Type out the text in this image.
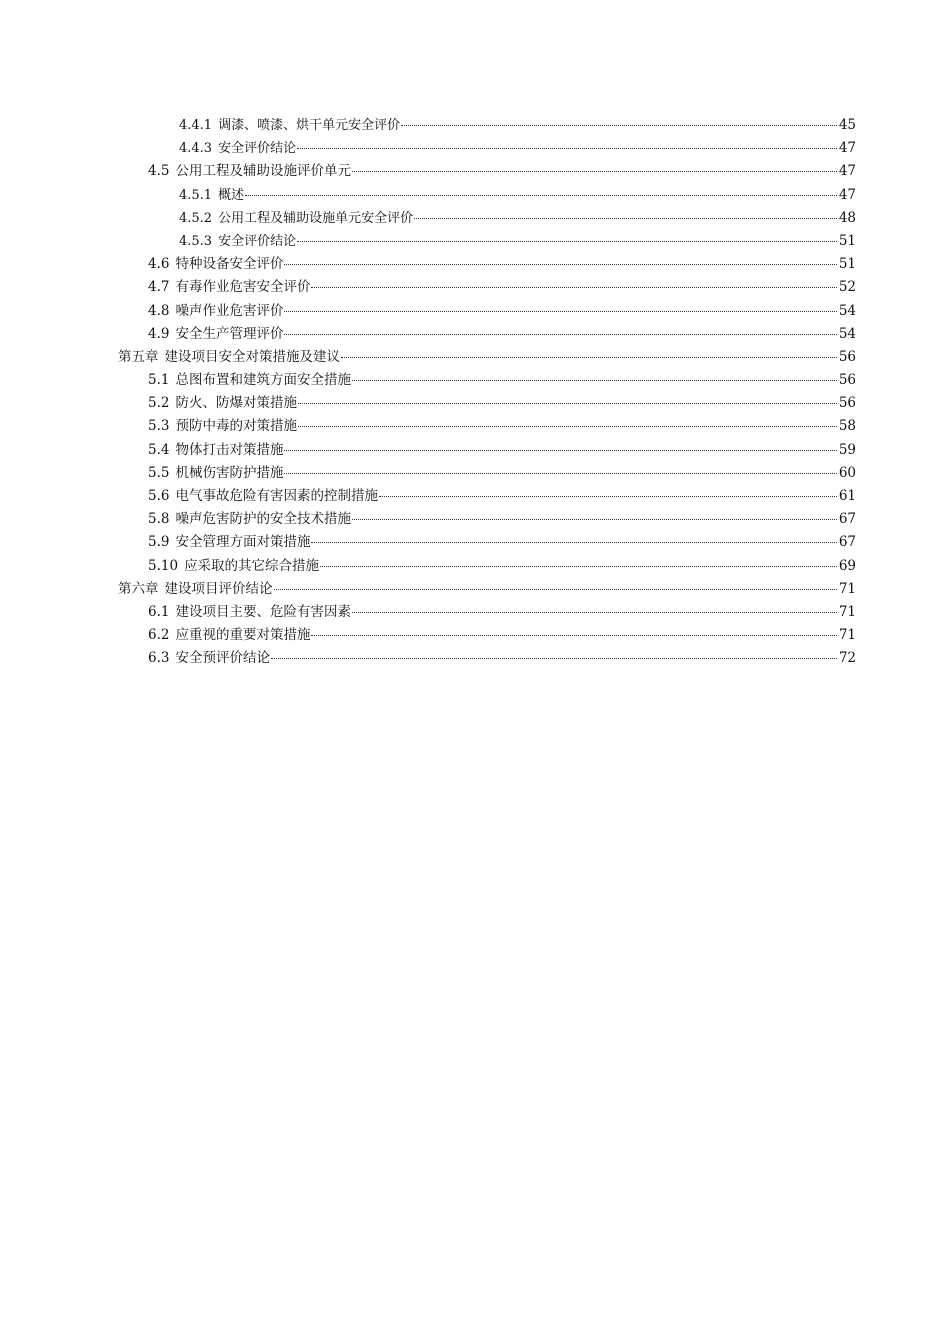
4.4.1 调漆、喷漆、烘干单元安全评价	45
4.4.3 安全评价结论	47
4.5 公用工程及辅助设施评价单元	47
4.5.1 概述	47
4.5.2 公用工程及辅助设施单元安全评价	48
4.5.3 安全评价结论	51
4.6 特种设备安全评价	51
4.7 有毒作业危害安全评价	52
4.8 噪声作业危害评价	54
4.9 安全生产管理评价	54
第五章 建设项目安全对策措施及建议	56
5.1 总图布置和建筑方面安全措施	56
5.2 防火、防爆对策措施	56
5.3 预防中毒的对策措施	58
5.4 物体打击对策措施	59
5.5 机械伤害防护措施	60
5.6 电气事故危险有害因素的控制措施	61
5.8 噪声危害防护的安全技术措施	67
5.9 安全管理方面对策措施	67
5.10 应采取的其它综合措施	69
第六章 建设项目评价结论	71
6.1 建设项目主要、危险有害因素	71
6.2 应重视的重要对策措施	71
6.3 安全预评价结论	72
